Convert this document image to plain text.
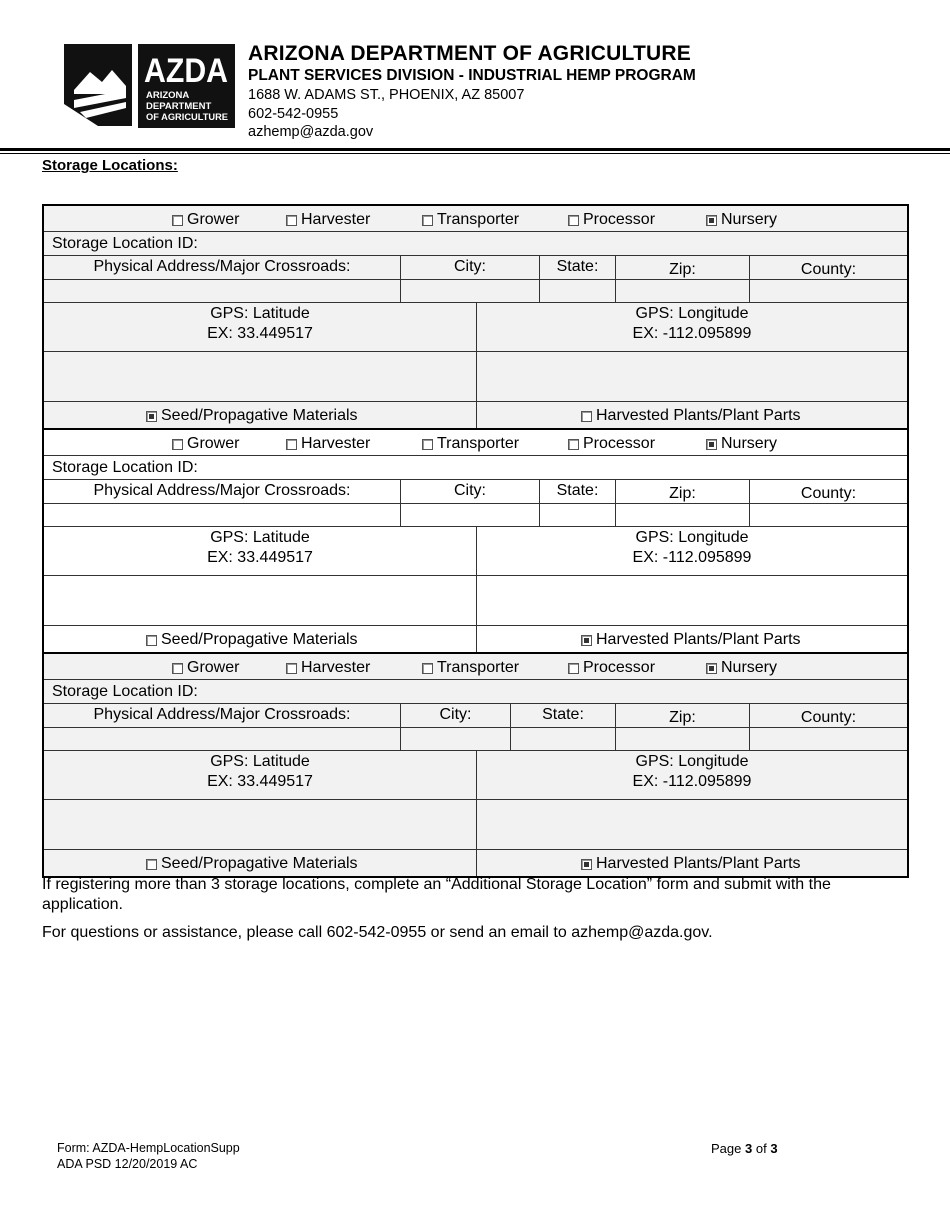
AZDA
ARIZONA
DEPARTMENT
OF AGRICULTURE
ARIZONA DEPARTMENT OF AGRICULTURE
PLANT SERVICES DIVISION - INDUSTRIAL HEMP PROGRAM
1688 W. ADAMS ST., PHOENIX, AZ 85007
602-542-0955
azhemp@azda.gov
Storage Locations:
Grower	Harvester	Transporter	Processor	Nursery
Storage Location ID:
Physical Address/Major Crossroads:	City:	State:	Zip:	County:
GPS: Latitude
EX: 33.449517
GPS: Longitude
EX: -112.095899
Seed/Propagative Materials	Harvested Plants/Plant Parts
Grower	Harvester	Transporter	Processor	Nursery
Storage Location ID:
Physical Address/Major Crossroads:	City:	State:	Zip:	County:
GPS: Latitude
EX: 33.449517
GPS: Longitude
EX: -112.095899
Seed/Propagative Materials	Harvested Plants/Plant Parts
Grower	Harvester	Transporter	Processor	Nursery
Storage Location ID:
Physical Address/Major Crossroads:	City:	State:	Zip:	County:
GPS: Latitude
EX: 33.449517
GPS: Longitude
EX: -112.095899
Seed/Propagative Materials	Harvested Plants/Plant Parts
If registering more than 3 storage locations, complete an “Additional Storage Location” form and submit with the application.
For questions or assistance, please call 602-542-0955 or send an email to azhemp@azda.gov.
Form: AZDA-HempLocationSupp
ADA PSD 12/20/2019 AC
Page 3 of 3
